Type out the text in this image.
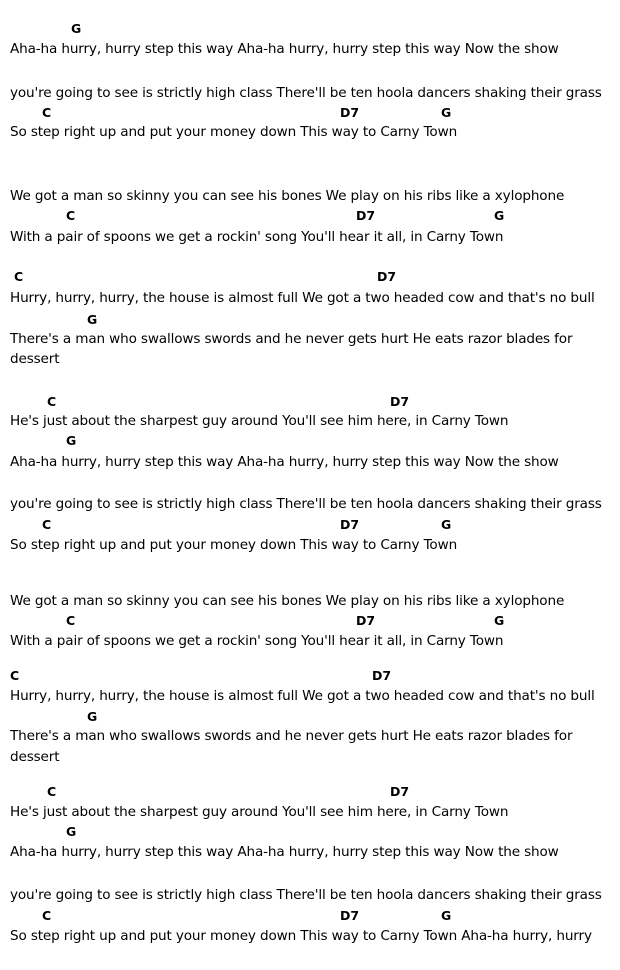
G
Aha-ha hurry, hurry step this way Aha-ha hurry, hurry step this way Now the show
you're going to see is strictly high class There'll be ten hoola dancers shaking their grass
C	D7	G
So step right up and put your money down This way to Carny Town
We got a man so skinny you can see his bones We play on his ribs like a xylophone
C	D7	G
With a pair of spoons we get a rockin' song You'll hear it all, in Carny Town
C	D7
Hurry, hurry, hurry, the house is almost full We got a two headed cow and that's no bull
G
There's a man who swallows swords and he never gets hurt He eats razor blades for
dessert
C	D7
He's just about the sharpest guy around You'll see him here, in Carny Town
G
Aha-ha hurry, hurry step this way Aha-ha hurry, hurry step this way Now the show
you're going to see is strictly high class There'll be ten hoola dancers shaking their grass
C	D7	G
So step right up and put your money down This way to Carny Town
We got a man so skinny you can see his bones We play on his ribs like a xylophone
C	D7	G
With a pair of spoons we get a rockin' song You'll hear it all, in Carny Town
C	D7
Hurry, hurry, hurry, the house is almost full We got a two headed cow and that's no bull
G
There's a man who swallows swords and he never gets hurt He eats razor blades for
dessert
C	D7
He's just about the sharpest guy around You'll see him here, in Carny Town
G
Aha-ha hurry, hurry step this way Aha-ha hurry, hurry step this way Now the show
you're going to see is strictly high class There'll be ten hoola dancers shaking their grass
C	D7	G
So step right up and put your money down This way to Carny Town Aha-ha hurry, hurry
